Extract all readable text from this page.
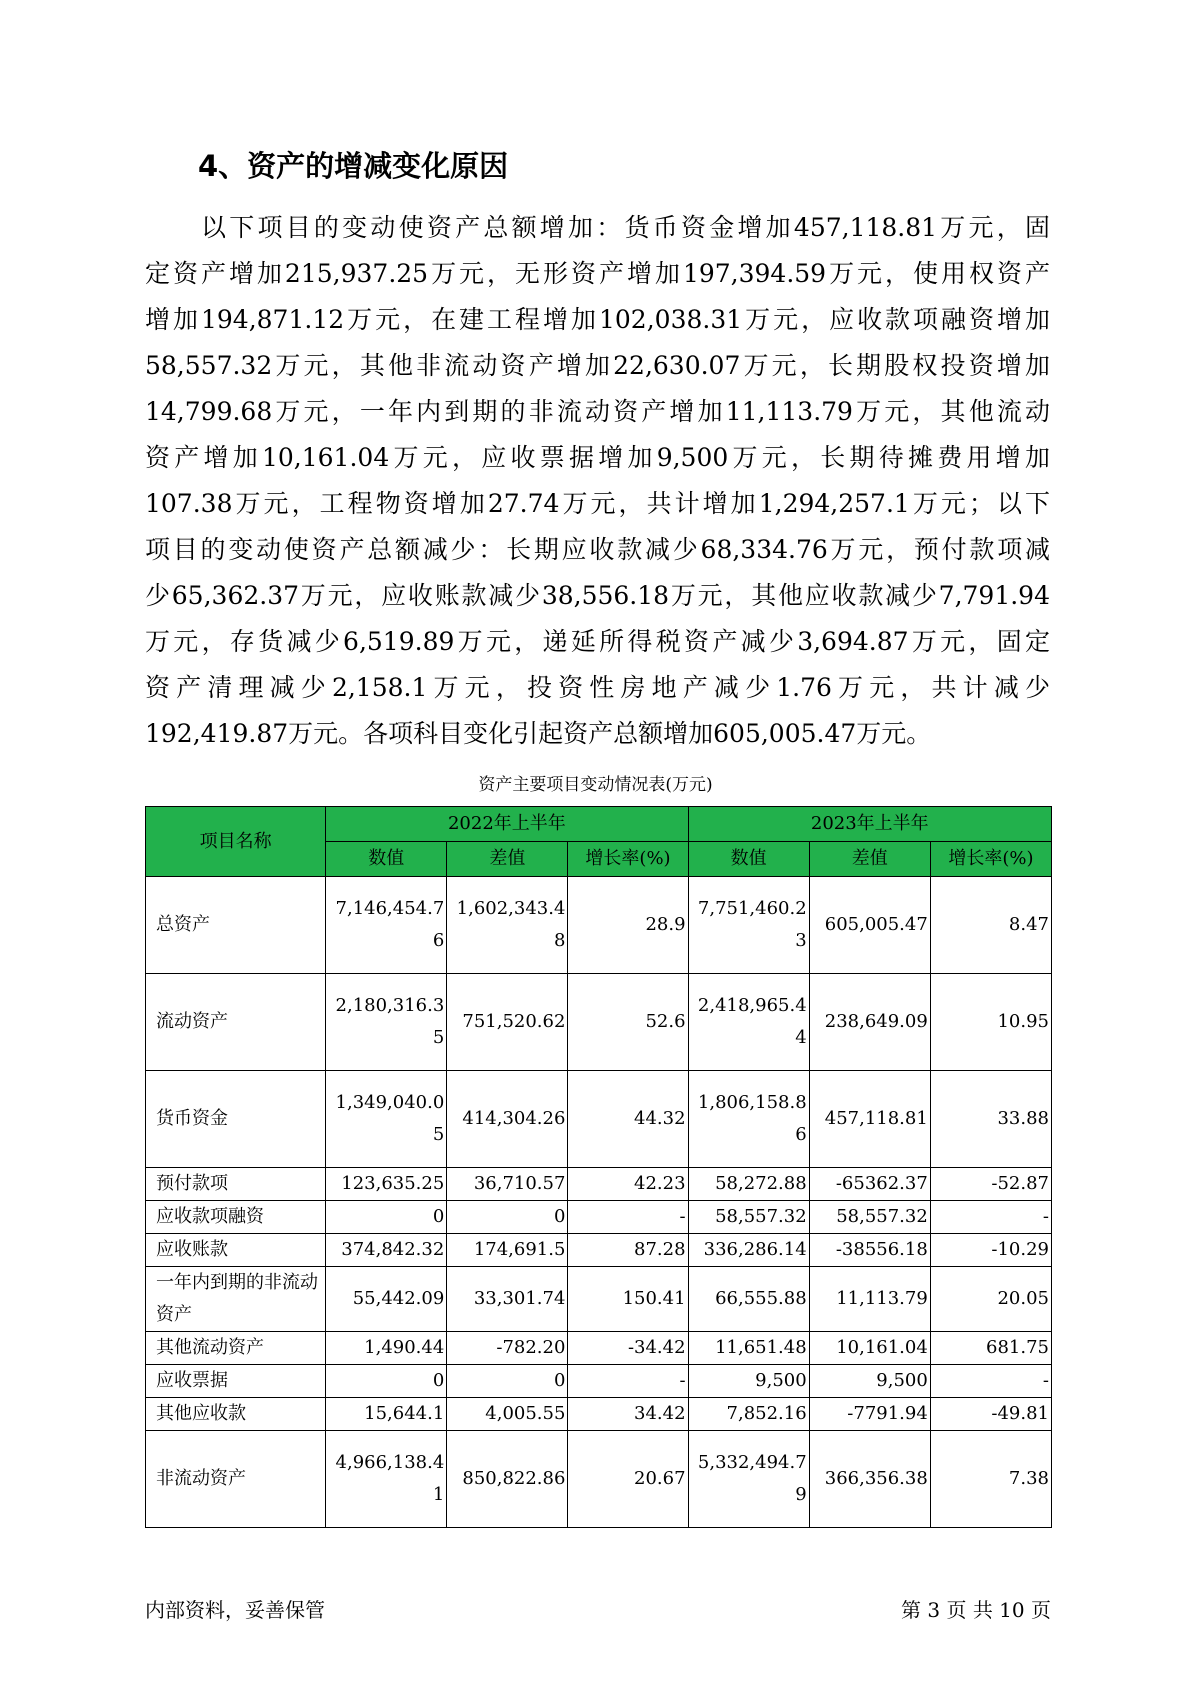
4、资产的增减变化原因
以下项目的变动使资产总额增加：货币资金增加457,118.81万元，固
定资产增加215,937.25万元，无形资产增加197,394.59万元，使用权资产
增加194,871.12万元，在建工程增加102,038.31万元，应收款项融资增加
58,557.32万元，其他非流动资产增加22,630.07万元，长期股权投资增加
14,799.68万元，一年内到期的非流动资产增加11,113.79万元，其他流动
资产增加10,161.04万元，应收票据增加9,500万元，长期待摊费用增加
107.38万元，工程物资增加27.74万元，共计增加1,294,257.1万元；以下
项目的变动使资产总额减少：长期应收款减少68,334.76万元，预付款项减
少65,362.37万元，应收账款减少38,556.18万元，其他应收款减少7,791.94
万元，存货减少6,519.89万元，递延所得税资产减少3,694.87万元，固定
资产清理减少2,158.1万元，投资性房地产减少1.76万元，共计减少
192,419.87万元。各项科目变化引起资产总额增加605,005.47万元。
资产主要项目变动情况表(万元)
项目名称	2022年上半年			2023年上半年		
	数值	差值	增长率(%)	数值	差值	增长率(%)
总资产	7,146,454.76	1,602,343.48	28.9	7,751,460.23	605,005.47	8.47
流动资产	2,180,316.35	751,520.62	52.6	2,418,965.44	238,649.09	10.95
货币资金	1,349,040.05	414,304.26	44.32	1,806,158.86	457,118.81	33.88
预付款项	123,635.25	36,710.57	42.23	58,272.88	-65362.37	-52.87
应收款项融资	0	0	-	58,557.32	58,557.32	-
应收账款	374,842.32	174,691.5	87.28	336,286.14	-38556.18	-10.29
一年内到期的非流动资产	55,442.09	33,301.74	150.41	66,555.88	11,113.79	20.05
其他流动资产	1,490.44	-782.20	-34.42	11,651.48	10,161.04	681.75
应收票据	0	0	-	9,500	9,500	-
其他应收款	15,644.1	4,005.55	34.42	7,852.16	-7791.94	-49.81
非流动资产	4,966,138.41	850,822.86	20.67	5,332,494.79	366,356.38	7.38
内部资料，妥善保管	第 3 页 共 10 页
